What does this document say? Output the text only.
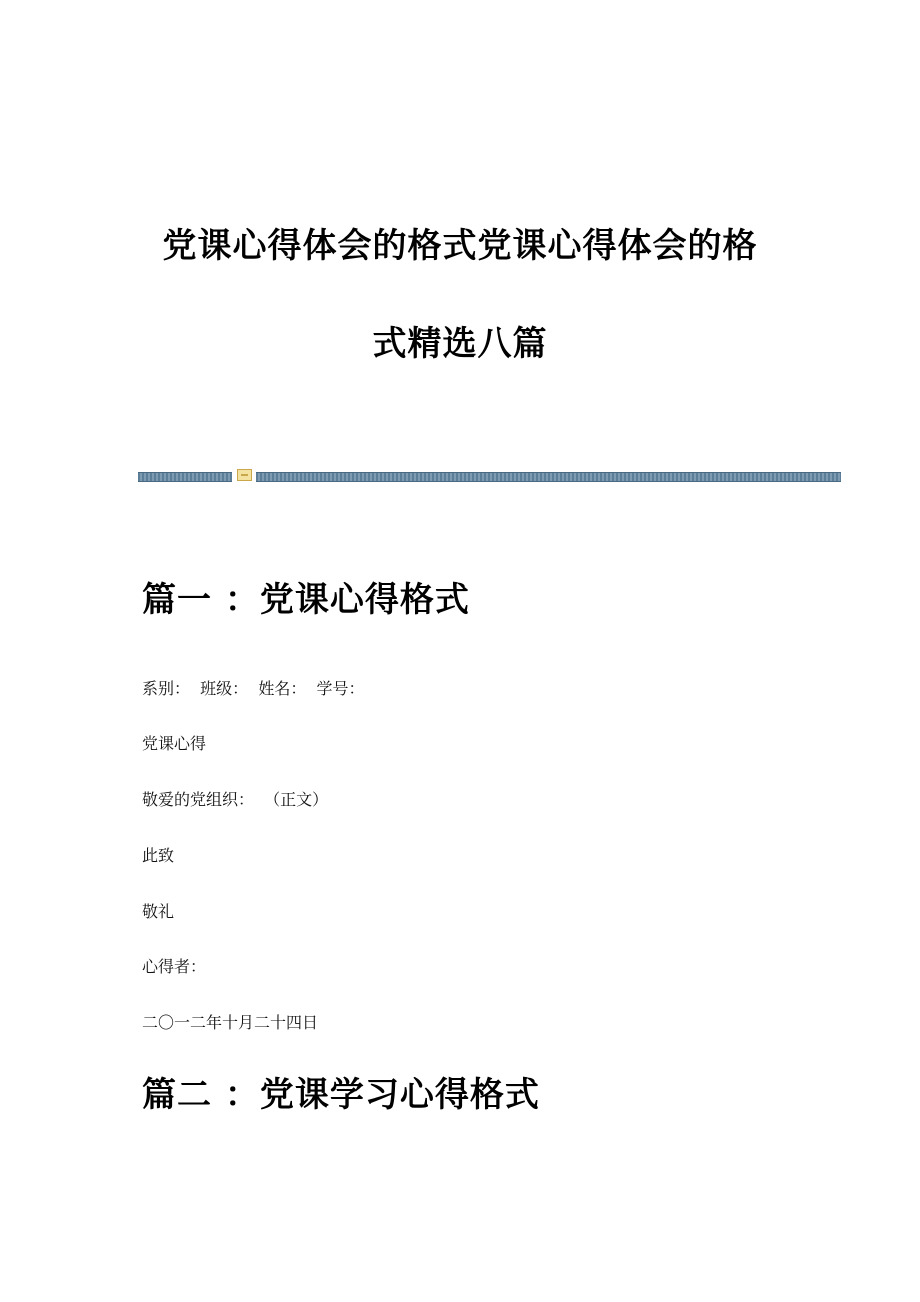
党课心得体会的格式党课心得体会的格
式精选八篇
篇一 ：党课心得格式
系别：  班级：  姓名：  学号：
党课心得
敬爱的党组织：  （正文）
此致
敬礼
心得者：
二〇一二年十月二十四日
篇二 ：党课学习心得格式
